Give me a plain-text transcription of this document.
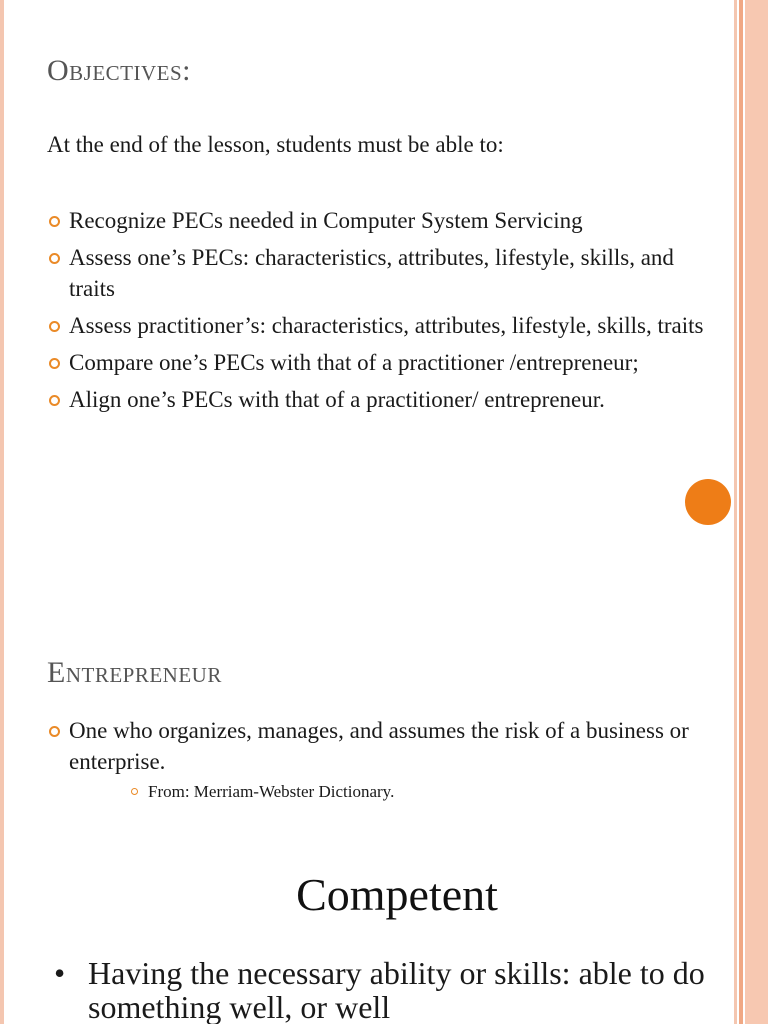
Objectives:

At the end of the lesson, students must be able to:

Recognize PECs needed in Computer System Servicing
Assess one’s PECs: characteristics, attributes, lifestyle, skills, and traits
Assess practitioner’s: characteristics, attributes, lifestyle, skills, traits
Compare one’s PECs with that of a practitioner /entrepreneur;
Align one’s PECs with that of a practitioner/ entrepreneur.
Entrepreneur
One who organizes, manages, and assumes the risk of a business or enterprise.
From: Merriam-Webster Dictionary.
Competent
• Having the necessary ability or skills: able to do something well, or well
